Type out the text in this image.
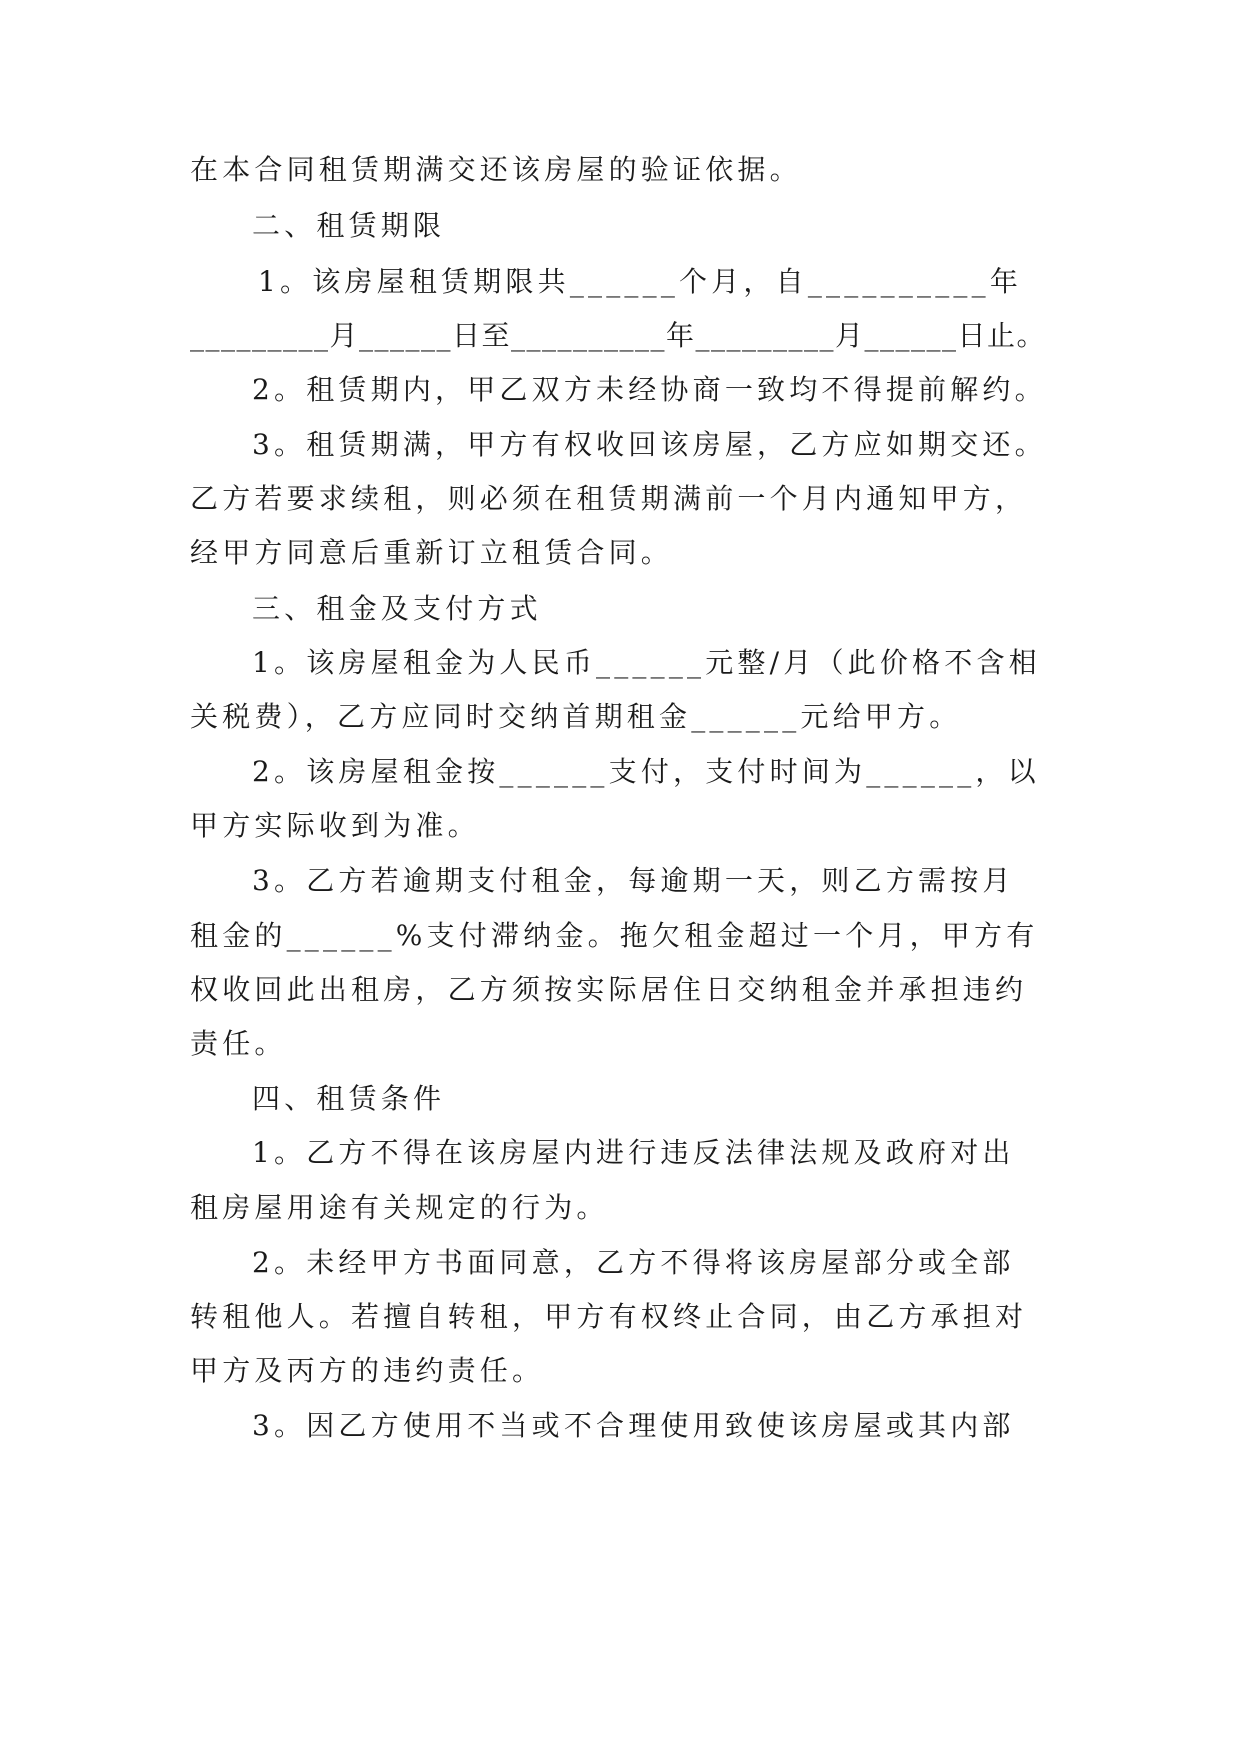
在本合同租赁期满交还该房屋的验证依据。
二、租赁期限
1。该房屋租赁期限共______个月，自__________年
_________月______日至__________年_________月______日止。
2。租赁期内，甲乙双方未经协商一致均不得提前解约。
3。租赁期满，甲方有权收回该房屋，乙方应如期交还。
乙方若要求续租，则必须在租赁期满前一个月内通知甲方，
经甲方同意后重新订立租赁合同。
三、租金及支付方式
1。该房屋租金为人民币______元整/月（此价格不含相
关税费），乙方应同时交纳首期租金______元给甲方。
2。该房屋租金按______支付，支付时间为______，以
甲方实际收到为准。
3。乙方若逾期支付租金，每逾期一天，则乙方需按月
租金的______%支付滞纳金。拖欠租金超过一个月，甲方有
权收回此出租房，乙方须按实际居住日交纳租金并承担违约
责任。
四、租赁条件
1。乙方不得在该房屋内进行违反法律法规及政府对出
租房屋用途有关规定的行为。
2。未经甲方书面同意，乙方不得将该房屋部分或全部
转租他人。若擅自转租，甲方有权终止合同，由乙方承担对
甲方及丙方的违约责任。
3。因乙方使用不当或不合理使用致使该房屋或其内部
